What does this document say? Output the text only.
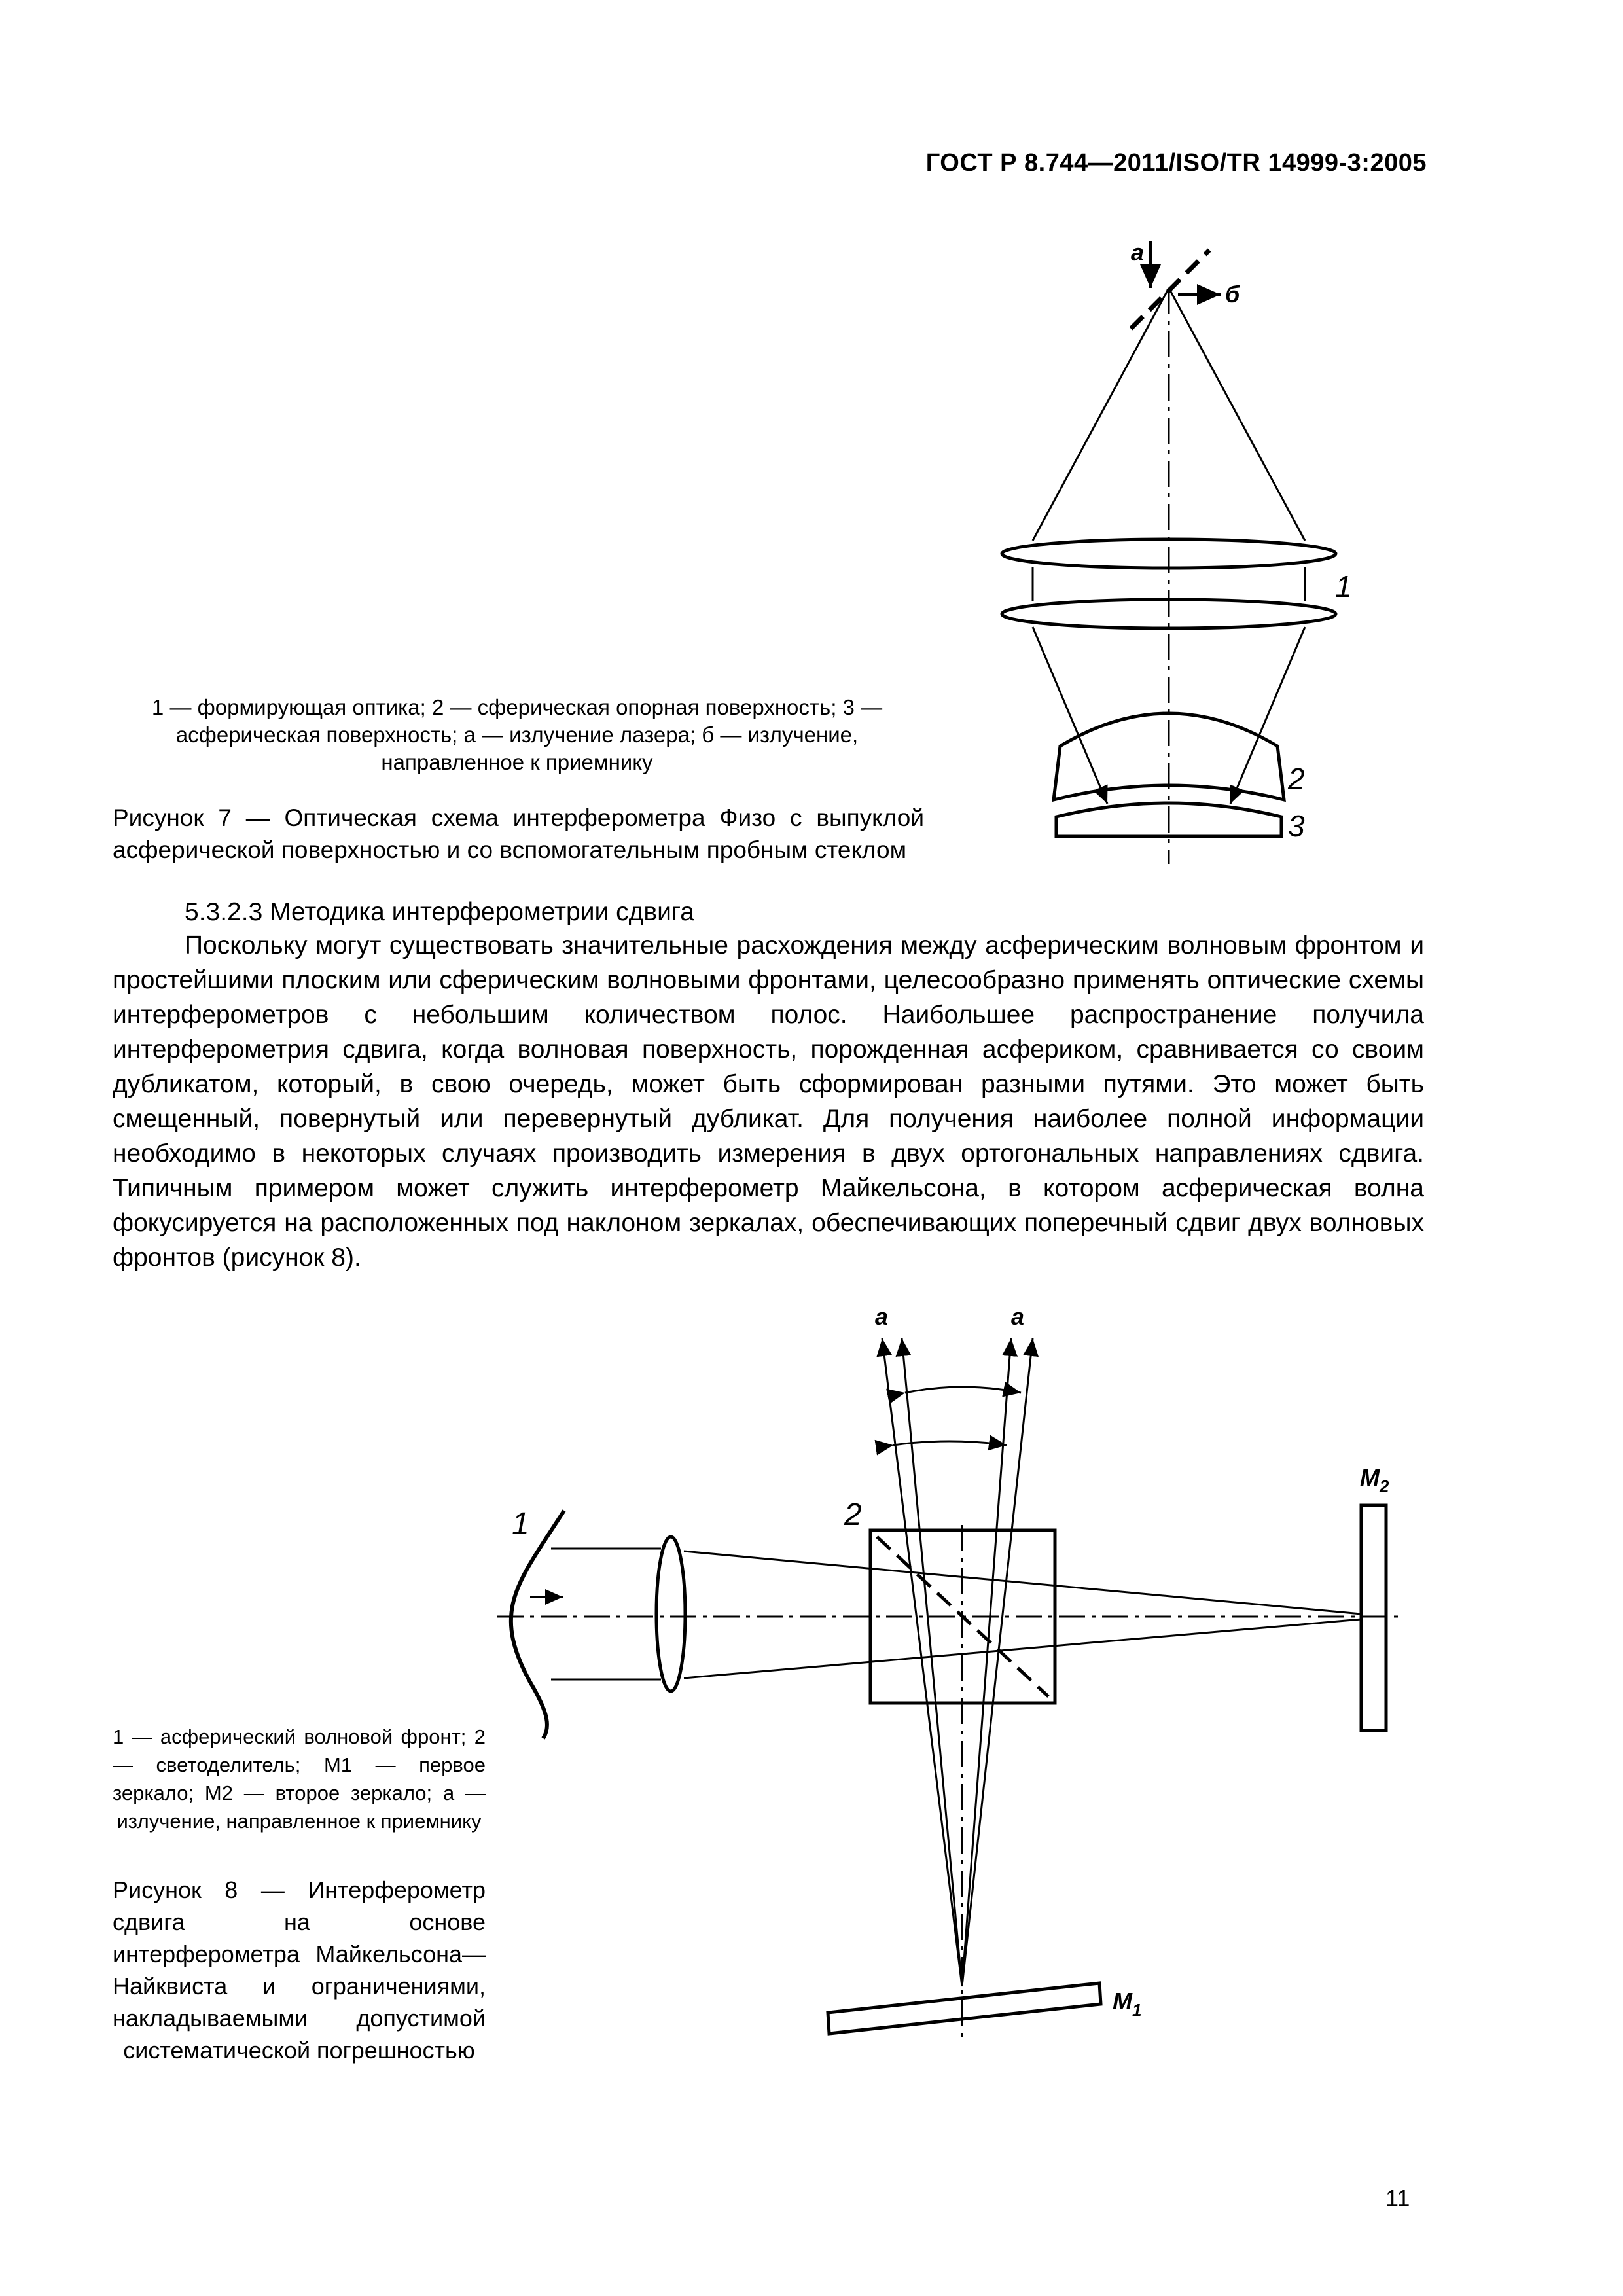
ГОСТ Р 8.744—2011/ISO/TR 14999-3:2005
а
б
1
2
3
а	а
1	2
$M_2$
$M_1$
1 — формирующая оптика; 2 — сферическая опорная поверхность; 3 — асферическая поверхность; а — излучение лазера; б — излучение, направленное к приемнику
Рисунок 7 — Оптическая схема интерферометра Физо с выпуклой
асферической поверхностью и со вспомогательным пробным стеклом
5.3.2.3 Методика интерферометрии сдвига
Поскольку могут существовать значительные расхождения между асферическим волновым фронтом и простейшими плоским или сферическим волновыми фронтами, целесообразно применять оптические схемы интерферометров с небольшим количеством полос. Наибольшее распространение получила интерферометрия сдвига, когда волновая поверхность, порожденная асфериком, сравнивается со своим дубликатом, который, в свою очередь, может быть сформирован разными путями. Это может быть смещенный, повернутый или перевернутый дубликат. Для получения наиболее полной информации необходимо в некоторых случаях производить измерения в двух ортогональных направлениях сдвига. Типичным примером может служить интерферометр Майкельсона, в котором асферическая волна фокусируется на расположенных под наклоном зеркалах, обеспечивающих поперечный сдвиг двух волновых фронтов (рисунок 8).
1 — асферический волновой фронт; 2 — светоделитель; M1 — первое зеркало; M2 — второе зеркало; а — излучение, направленное к приемнику
Рисунок 8 — Интерферометр сдвига на основе интерферометра Майкельсона—Найквиста и ограничениями, накладываемыми допустимой систематической погрешностью
11
